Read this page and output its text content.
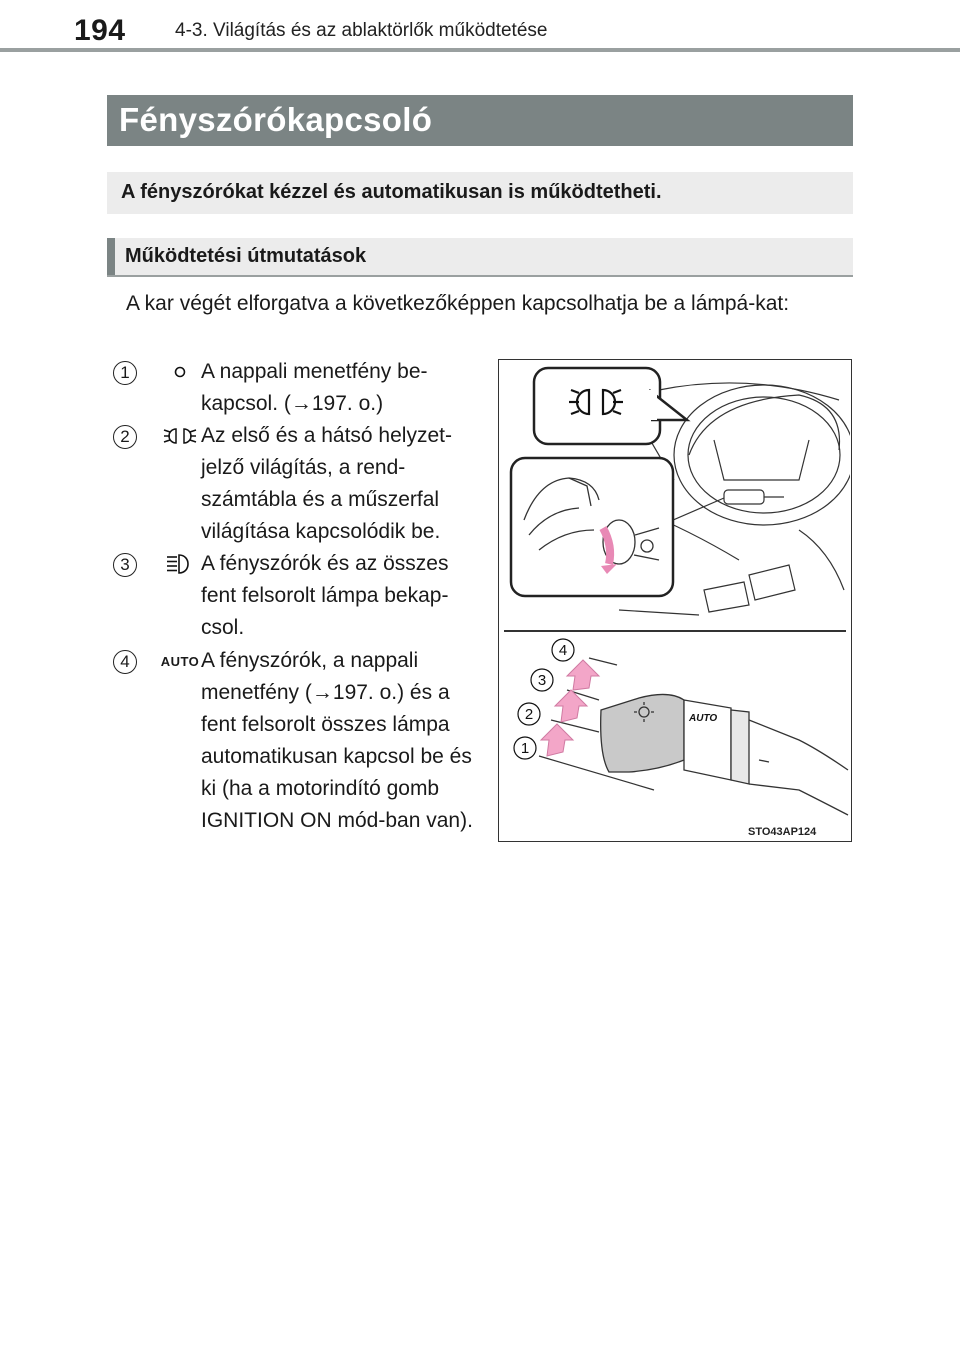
194	4-3. Világítás és az ablaktörlők működtetése
Fényszórókapcsoló
A fényszórókat kézzel és automatikusan is működtetheti.
Működtetési útmutatások
A kar végét elforgatva a következőképpen kapcsolhatja be a lámpá-kat:
1	A nappali menetfény be-kapcsol. (→197. o.)
2	Az első és a hátsó helyzet-jelző világítás, a rend-számtábla és a műszerfal világítása kapcsolódik be.
3	A fényszórók és az összes fent felsorolt lámpa bekap-csol.
4	AUTO A fényszórók, a nappali menetfény (→197. o.) és a fent felsorolt összes lámpa automatikusan kapcsol be és ki (ha a motorindító gomb IGNITION ON mód-ban van).
AUTO
1
2
3
4
STO43AP124
